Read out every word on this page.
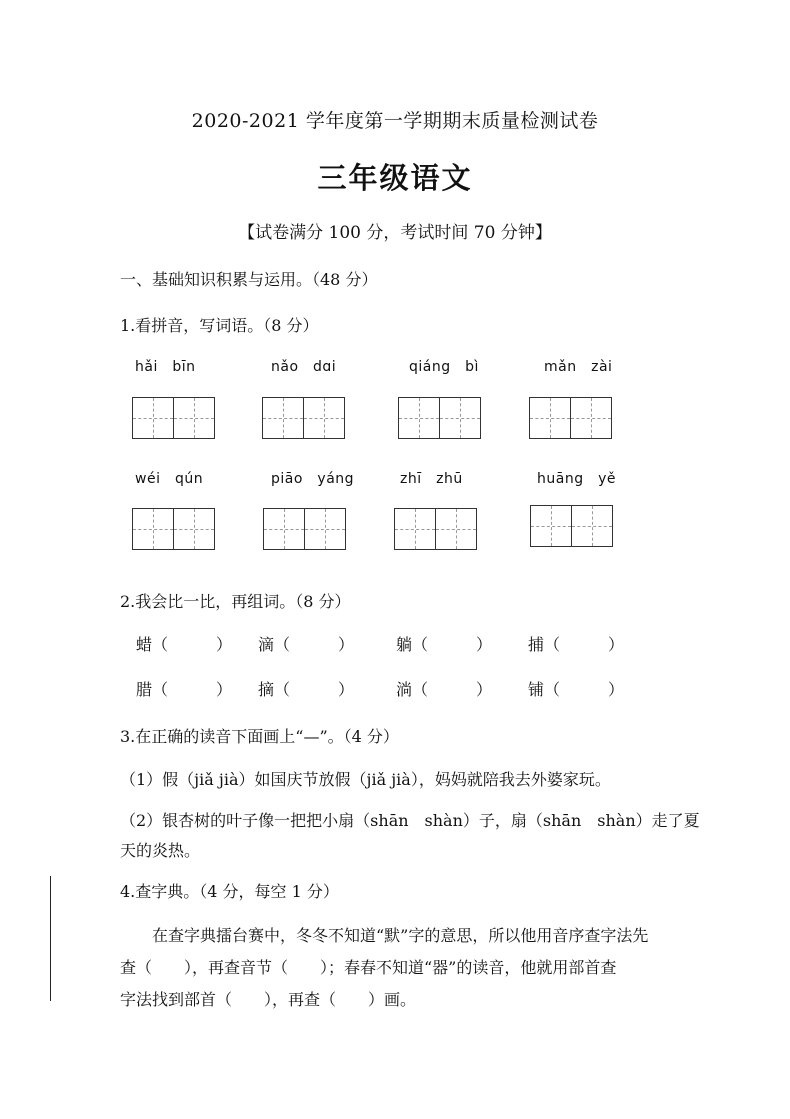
2020-2021 学年度第一学期期末质量检测试卷
三年级语文
【试卷满分 100 分，考试时间 70 分钟】
一、基础知识积累与运用。（48 分）
1.看拼音，写词语。（8 分）
hǎi　bīn	nǎo　dɑi	qiáng　bì	mǎn　zài
wéi　qún	piāo　yáng	zhī　zhū	huāng　yě
2.我会比一比，再组词。（8 分）
蜡（　　　） 滴（　　　）	躺（　　　） 捕（　　　）
腊（　　　） 摘（　　　）	淌（　　　） 铺（　　　）
3.在正确的读音下面画上“—”。（4 分）
（1）假（jiǎ jià）如国庆节放假（jiǎ jià），妈妈就陪我去外婆家玩。
（2）银杏树的叶子像一把把小扇（shān　shàn）子，扇（shān　shàn）走了夏
天的炎热。
4.查字典。（4 分，每空 1 分）
在查字典擂台赛中，冬冬不知道“默”字的意思，所以他用音序查字法先
查（　　），再查音节（　　）；春春不知道“器”的读音，他就用部首查
字法找到部首（　　），再查（　　）画。
